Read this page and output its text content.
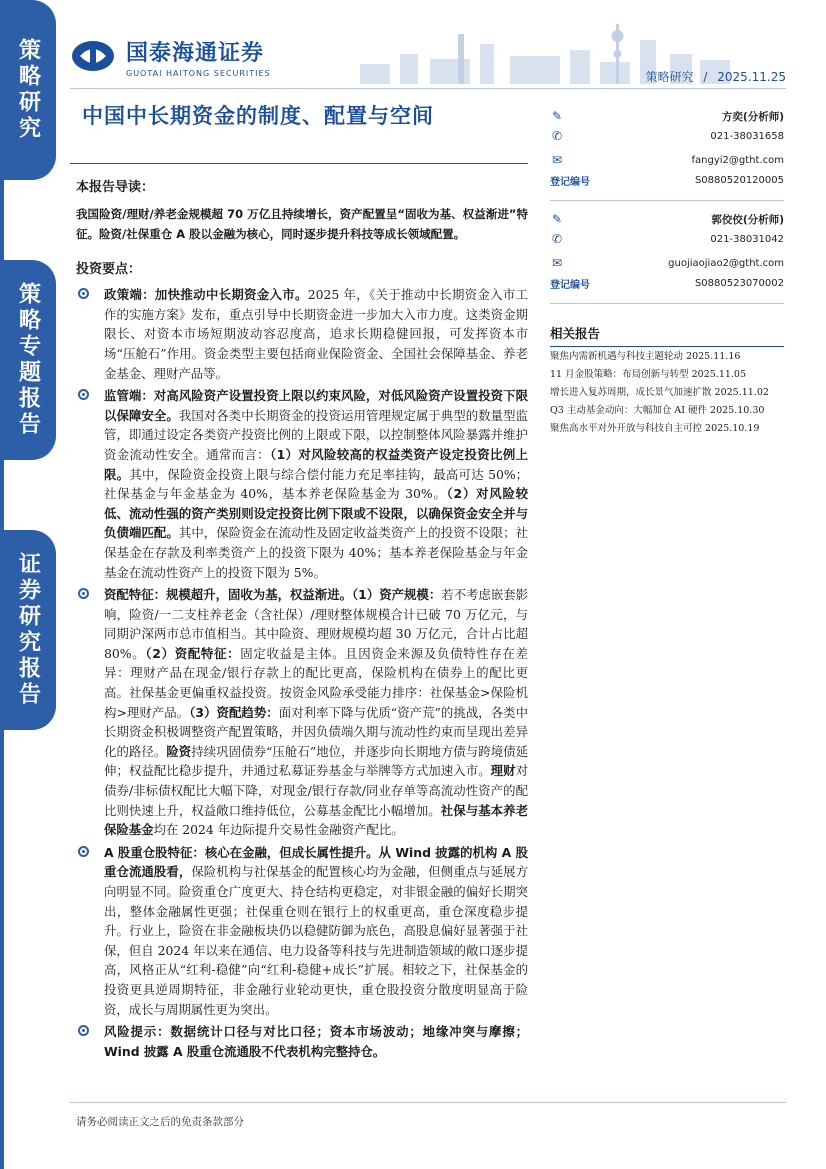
策略研究
策略专题报告
证券研究报告
国泰海通证券
GUOTAI HAITONG SECURITIES	策略研究 / 2025.11.25
中国中长期资金的制度、配置与空间
本报告导读：
我国险资/理财/养老金规模超 70 万亿且持续增长，资产配置呈“固收为基、权益渐进”特征。险资/社保重仓 A 股以金融为核心，同时逐步提升科技等成长领域配置。
投资要点：
政策端：加快推动中长期资金入市。2025 年，《关于推动中长期资金入市工作的实施方案》发布，重点引导中长期资金进一步加大入市力度。这类资金期限长、对资本市场短期波动容忍度高，追求长期稳健回报，可发挥资本市场“压舱石”作用。资金类型主要包括商业保险资金、全国社会保障基金、养老金基金、理财产品等。
监管端：对高风险资产设置投资上限以约束风险，对低风险资产设置投资下限以保障安全。我国对各类中长期资金的投资运用管理规定属于典型的数量型监管，即通过设定各类资产投资比例的上限或下限，以控制整体风险暴露并维护资金流动性安全。通常而言：（1）对风险较高的权益类资产设定投资比例上限。其中，保险资金投资上限与综合偿付能力充足率挂钩，最高可达 50%；社保基金与年金基金为 40%，基本养老保险基金为 30%。（2）对风险较低、流动性强的资产类别则设定投资比例下限或不设限，以确保资金安全并与负债端匹配。其中，保险资金在流动性及固定收益类资产上的投资不设限；社保基金在存款及利率类资产上的投资下限为 40%；基本养老保险基金与年金基金在流动性资产上的投资下限为 5%。
资配特征：规模超升，固收为基，权益渐进。（1）资产规模：若不考虑嵌套影响，险资/一二支柱养老金（含社保）/理财整体规模合计已破 70 万亿元，与同期沪深两市总市值相当。其中险资、理财规模均超 30 万亿元，合计占比超 80%。（2）资配特征：固定收益是主体。且因资金来源及负债特性存在差异：理财产品在现金/银行存款上的配比更高，保险机构在债券上的配比更高。社保基金更偏重权益投资。按资金风险承受能力排序：社保基金>保险机构>理财产品。（3）资配趋势：面对利率下降与优质“资产荒”的挑战，各类中长期资金积极调整资产配置策略，并因负债端久期与流动性约束而呈现出差异化的路径。险资持续巩固债券“压舱石”地位，并逐步向长期地方债与跨境债延伸；权益配比稳步提升，并通过私募证券基金与举牌等方式加速入市。理财对债券/非标债权配比大幅下降，对现金/银行存款/同业存单等高流动性资产的配比则快速上升，权益敞口维持低位，公募基金配比小幅增加。社保与基本养老保险基金均在 2024 年边际提升交易性金融资产配比。
A 股重仓股特征：核心在金融，但成长属性提升。从 Wind 披露的机构 A 股重仓流通股看，保险机构与社保基金的配置核心均为金融，但侧重点与延展方向明显不同。险资重仓广度更大、持仓结构更稳定，对非银金融的偏好长期突出，整体金融属性更强；社保重仓则在银行上的权重更高，重仓深度稳步提升。行业上，险资在非金融板块仍以稳健防御为底色，高股息偏好显著强于社保，但自 2024 年以来在通信、电力设备等科技与先进制造领域的敞口逐步提高，风格正从“红利-稳健”向“红利-稳健+成长”扩展。相较之下，社保基金的投资更具逆周期特征，非金融行业轮动更快，重仓股投资分散度明显高于险资，成长与周期属性更为突出。
风险提示：数据统计口径与对比口径；资本市场波动；地缘冲突与摩擦；Wind 披露 A 股重仓流通股不代表机构完整持仓。
✎	方奕(分析师)
✆	021-38031658
✉	fangyi2@gtht.com
登记编号	S0880520120005
✎	郭佼佼(分析师)
✆	021-38031042
✉	guojiaojiao2@gtht.com
登记编号	S0880523070002
相关报告
聚焦内需新机遇与科技主题轮动 2025.11.16
11 月金股策略：布局创新与转型 2025.11.05
增长进入复苏周期，成长景气加速扩散 2025.11.02
Q3 主动基金动向：大幅加仓 AI 硬件 2025.10.30
聚焦高水平对外开放与科技自主可控 2025.10.19
请务必阅读正文之后的免责条款部分
